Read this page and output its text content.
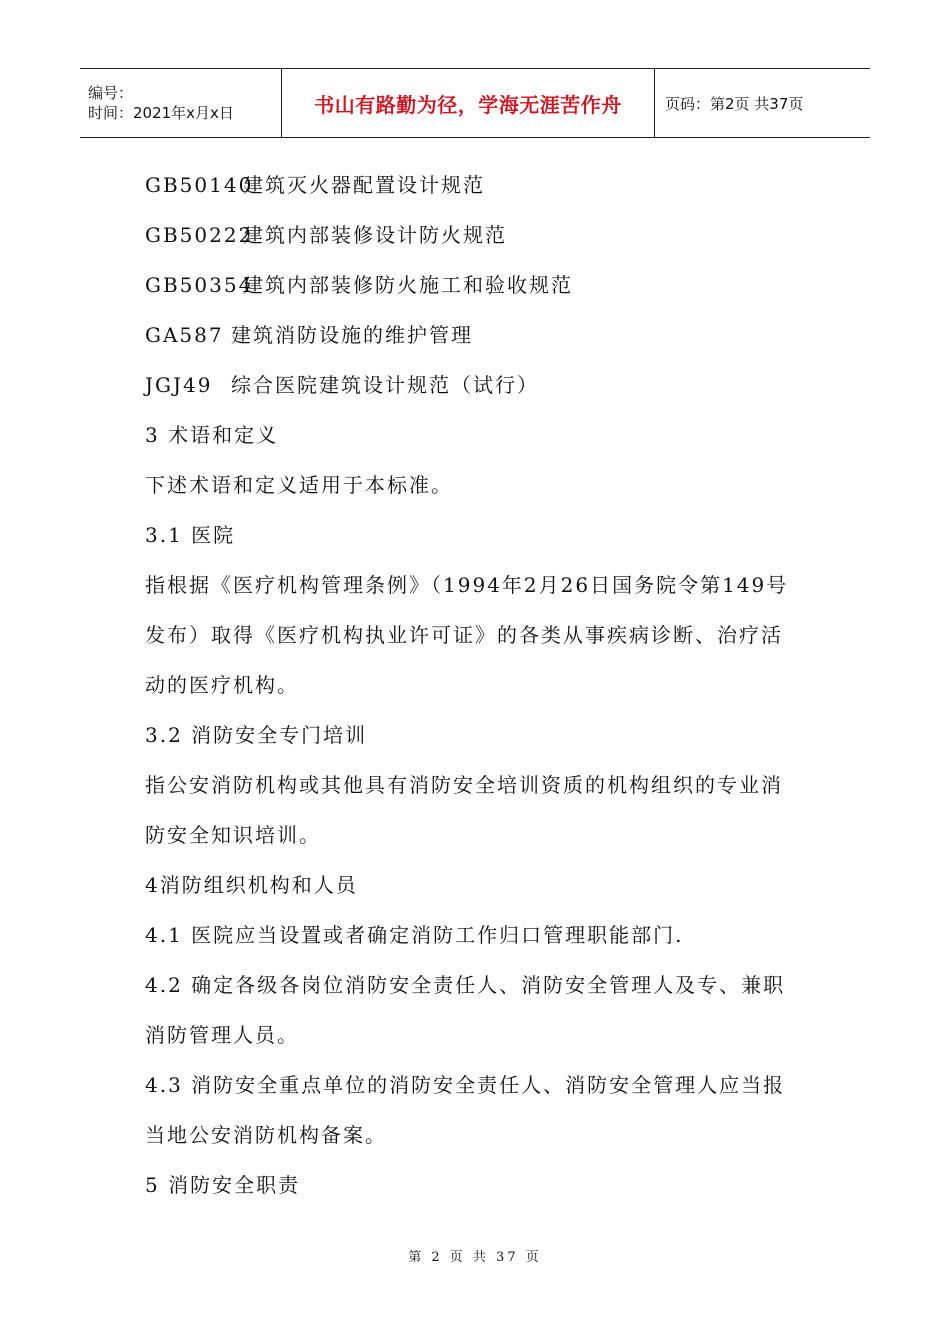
编号：
时间：2021年x月x日	书山有路勤为径，学海无涯苦作舟	页码：第2页 共37页

GB50140建筑灭火器配置设计规范

GB50222建筑内部装修设计防火规范

GB50354建筑内部装修防火施工和验收规范

GA587 建筑消防设施的维护管理

JGJ49 综合医院建筑设计规范（试行）

3 术语和定义

下述术语和定义适用于本标准。

3.1 医院

指根据《医疗机构管理条例》（1994年2月26日国务院令第149号

发布）取得《医疗机构执业许可证》的各类从事疾病诊断、治疗活

动的医疗机构。

3.2 消防安全专门培训

指公安消防机构或其他具有消防安全培训资质的机构组织的专业消

防安全知识培训。

4消防组织机构和人员

4.1 医院应当设置或者确定消防工作归口管理职能部门.

4.2 确定各级各岗位消防安全责任人、消防安全管理人及专、兼职

消防管理人员。

4.3 消防安全重点单位的消防安全责任人、消防安全管理人应当报

当地公安消防机构备案。

5 消防安全职责

第 2 页 共 37 页
